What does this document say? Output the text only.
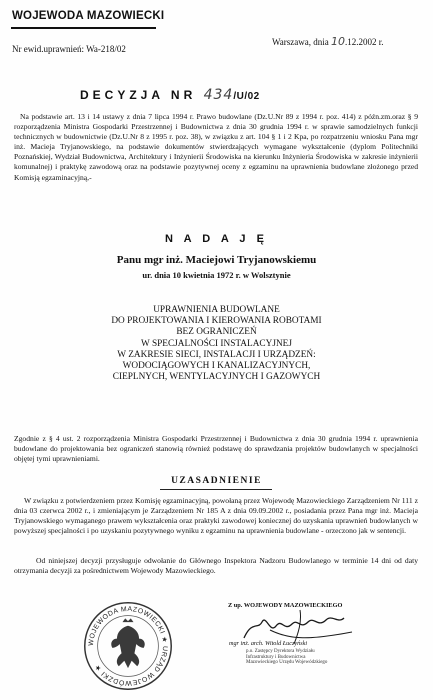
WOJEWODA MAZOWIECKI
Nr ewid.uprawnień: Wa-218/02
Warszawa, dnia 10.12.2002 r.
DECYZJA NR 434/U/02

Na podstawie art. 13 i 14 ustawy z dnia 7 lipca 1994 r. Prawo budowlane (Dz.U.Nr 89 z 1994 r. poz. 414) z późn.zm.oraz § 9 rozporządzenia Ministra Gospodarki Przestrzennej i Budownictwa z dnia 30 grudnia 1994 r. w sprawie samodzielnych funkcji technicznych w budownictwie (Dz.U.Nr 8 z 1995 r. poz. 38), w związku z art. 104 § 1 i 2 Kpa, po rozpatrzeniu wniosku Pana mgr inż. Macieja Tryjanowskiego, na podstawie dokumentów stwierdzających wymagane wykształcenie (dyplom Politechniki Poznańskiej, Wydział Budownictwa, Architektury i Inżynierii Środowiska na kierunku Inżynieria Środowiska w zakresie inżynierii komunalnej) i praktykę zawodową oraz na podstawie pozytywnej oceny z egzaminu na uprawnienia budowlane złożonego przed Komisją egzaminacyjną,-

N A D A J Ę
Panu mgr inż. Maciejowi Tryjanowskiemu
ur. dnia 10 kwietnia 1972 r. w Wolsztynie
UPRAWNIENIA BUDOWLANE
DO PROJEKTOWANIA I KIEROWANIA ROBOTAMI
BEZ OGRANICZEŃ
W SPECJALNOŚCI INSTALACYJNEJ
W ZAKRESIE SIECI, INSTALACJI I URZĄDZEŃ:
WODOCIĄGOWYCH I KANALIZACYJNYCH,
CIEPLNYCH, WENTYLACYJNYCH I GAZOWYCH

Zgodnie z § 4 ust. 2 rozporządzenia Ministra Gospodarki Przestrzennej i Budownictwa z dnia 30 grudnia 1994 r. uprawnienia budowlane do projektowania bez ograniczeń stanowią również podstawę do sprawdzania projektów budowlanych w specjalności objętej tymi uprawnieniami.

UZASADNIENIE

W związku z potwierdzeniem przez Komisję egzaminacyjną, powołaną przez Wojewodę Mazowieckiego Zarządzeniem Nr 111 z dnia 03 czerwca 2002 r., i zmieniającym je Zarządzeniem Nr 185 A z dnia 09.09.2002 r., posiadania przez Pana mgr inż. Macieja Tryjanowskiego wymaganego prawem wykształcenia oraz praktyki zawodowej koniecznej do uzyskania uprawnień budowlanych w powyższej specjalności i po uzyskaniu pozytywnego wyniku z egzaminu na uprawnienia budowlane - orzeczono jak w sentencji.

Od niniejszej decyzji przysługuje odwołanie do Głównego Inspektora Nadzoru Budowlanego w terminie 14 dni od daty otrzymania decyzji za pośrednictwem Wojewody Mazowieckiego.

WOJEWODA MAZOWIECKI ★ URZĄD WOJEWÓDZKI ★
Z up. WOJEWODY MAZOWIECKIEGO
mgr inż. arch. Witold Łuczyński
p.o. Zastępcy Dyrektora Wydziału
Infrastruktury i Budownictwa
Mazowieckiego Urzędu Wojewódzkiego
